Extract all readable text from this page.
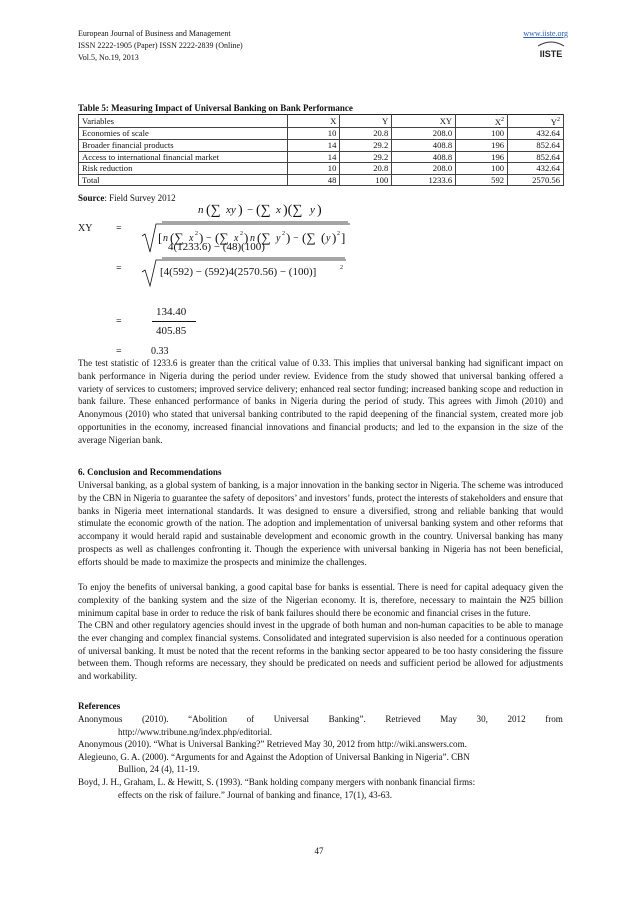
European Journal of Business and Management
ISSN 2222-1905 (Paper) ISSN 2222-2839 (Online)
Vol.5, No.19, 2013
www.iiste.org
IISTE
Table 5: Measuring Impact of Universal Banking on Bank Performance
Variables	X	Y	XY	$X^2$	$Y^2$
Economies of scale	10	20.8	208.0	100	432.64
Broader financial products	14	29.2	408.8	196	852.64
Access to international financial market	14	29.2	408.8	196	852.64
Risk reduction	10	20.8	208.0	100	432.64
Total	48	100	1233.6	592	2570.56
Source: Field Survey 2012
XY =
n (∑ xy ) − (∑ x )(∑ y )
[ n (∑ x 2 ) − (∑ x 2 ) n (∑ y 2 ) − (∑ ( y ) 2 ]
=
4(1233.6) − (48)(100)
2
[4(592) − (592)4(2570.56) − (100)]
=
134.40
405.85
=	0.33
The test statistic of 1233.6 is greater than the critical value of 0.33. This implies that universal banking had significant impact on bank performance in Nigeria during the period under review. Evidence from the study showed that universal banking offered a variety of services to customers; improved service delivery; enhanced real sector funding; increased banking scope and reduction in bank failure. These enhanced performance of banks in Nigeria during the period of study. This agrees with Jimoh (2010) and Anonymous (2010) who stated that universal banking contributed to the rapid deepening of the financial system, created more job opportunities in the economy, increased financial innovations and financial products; and led to the expansion in the size of the average Nigerian bank.
6. Conclusion and Recommendations
Universal banking, as a global system of banking, is a major innovation in the banking sector in Nigeria. The scheme was introduced by the CBN in Nigeria to guarantee the safety of depositors’ and investors’ funds, protect the interests of stakeholders and ensure that banks in Nigeria meet international standards. It was designed to ensure a diversified, strong and reliable banking that would stimulate the economic growth of the nation. The adoption and implementation of universal banking system and other reforms that accompany it would herald rapid and sustainable development and economic growth in the country. Universal banking has many prospects as well as challenges confronting it. Though the experience with universal banking in Nigeria has not been beneficial, efforts should be made to maximize the prospects and minimize the challenges.
To enjoy the benefits of universal banking, a good capital base for banks is essential. There is need for capital adequacy given the complexity of the banking system and the size of the Nigerian economy. It is, therefore, necessary to maintain the ₦25 billion minimum capital base in order to reduce the risk of bank failures should there be economic and financial crises in the future.
The CBN and other regulatory agencies should invest in the upgrade of both human and non-human capacities to be able to manage the ever changing and complex financial systems. Consolidated and integrated supervision is also needed for a continuous operation of universal banking. It must be noted that the recent reforms in the banking sector appeared to be too hasty considering the fissure between them. Though reforms are necessary, they should be predicated on needs and sufficient period be allowed for adjustments and workability.
References
Anonymous (2010). “Abolition of Universal Banking”. Retrieved May 30, 2012 from
http://www.tribune.ng/index.php/editorial.
Anonymous (2010). “What is Universal Banking?” Retrieved May 30, 2012 from http://wiki.answers.com.
Alegieuno, G. A. (2000). “Arguments for and Against the Adoption of Universal Banking in Nigeria”. CBN
Bullion, 24 (4), 11-19.
Boyd, J. H., Graham, L. & Hewitt, S. (1993). “Bank holding company mergers with nonbank financial firms:
effects on the risk of failure.” Journal of banking and finance, 17(1), 43-63.
47
